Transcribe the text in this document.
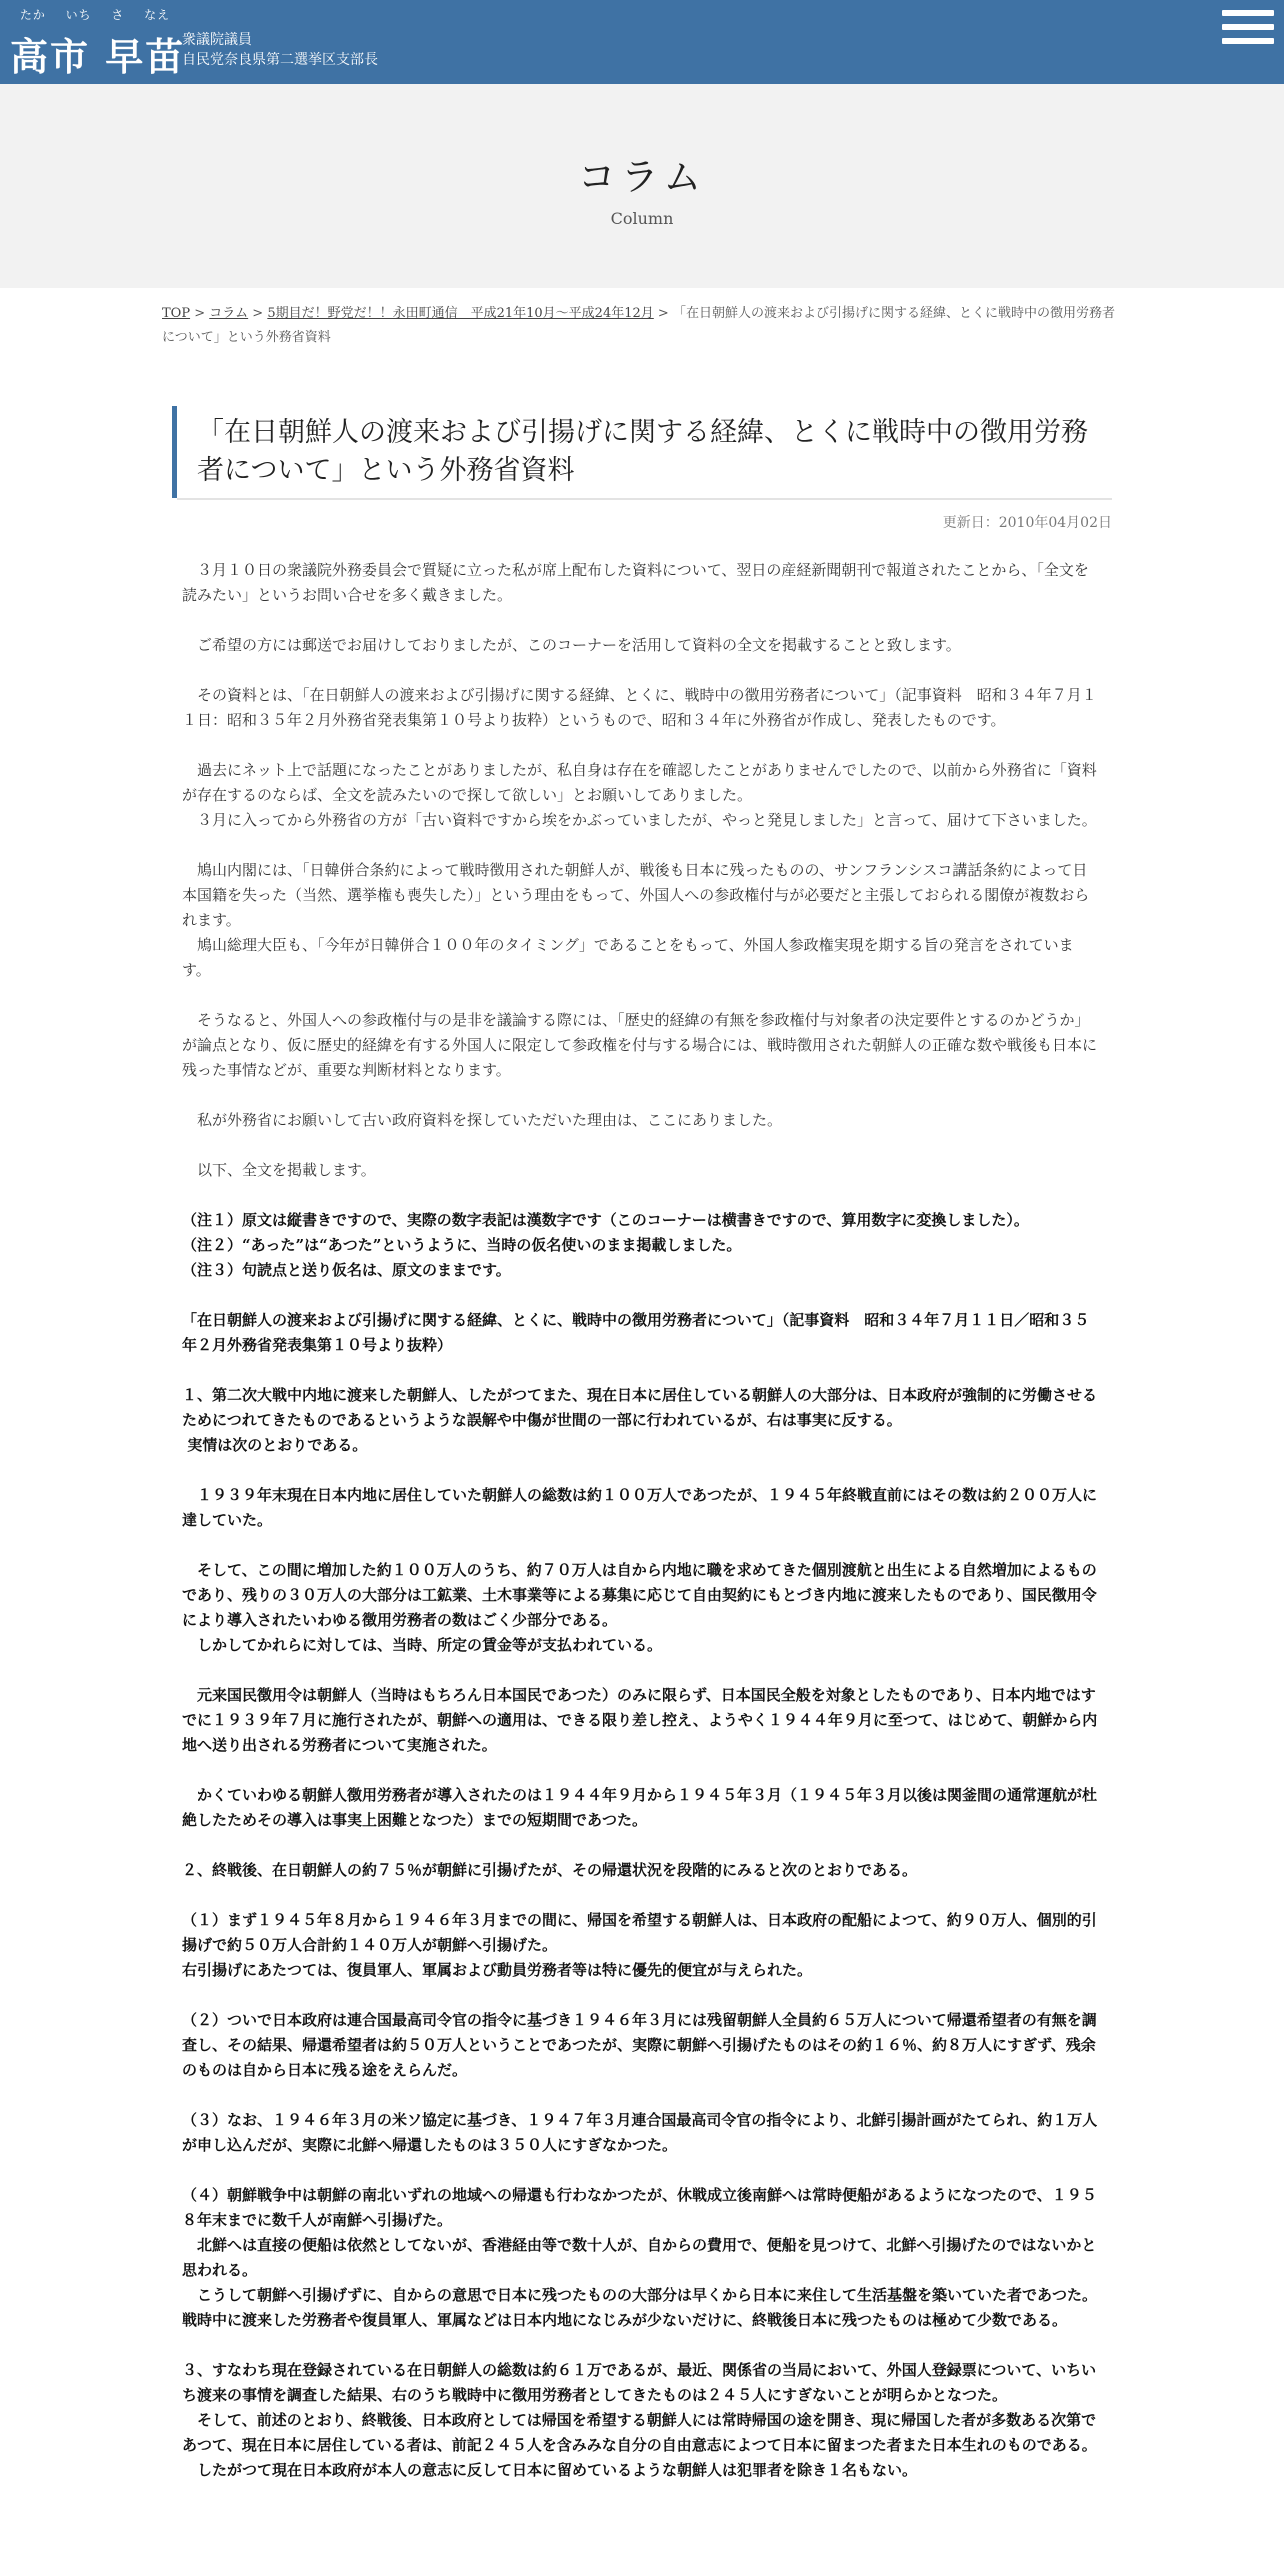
たか いち さ なえ
高市 早苗
衆議院議員
自民党奈良県第二選挙区支部長
コラム
Column
TOP > コラム > 5期目だ！野党だ！！永田町通信　平成21年10月～平成24年12月 > 「在日朝鮮人の渡来および引揚げに関する経緯、とくに戦時中の徴用労務者について」という外務省資料
「在日朝鮮人の渡来および引揚げに関する経緯、とくに戦時中の徴用労務者について」という外務省資料
更新日：2010年04月02日

　３月１０日の衆議院外務委員会で質疑に立った私が席上配布した資料について、翌日の産経新聞朝刊で報道されたことから、「全文を読みたい」というお問い合せを多く戴きました。

　ご希望の方には郵送でお届けしておりましたが、このコーナーを活用して資料の全文を掲載することと致します。

　その資料とは、「在日朝鮮人の渡来および引揚げに関する経緯、とくに、戦時中の徴用労務者について」（記事資料　昭和３４年７月１１日：昭和３５年２月外務省発表集第１０号より抜粋）というもので、昭和３４年に外務省が作成し、発表したものです。

　過去にネット上で話題になったことがありましたが、私自身は存在を確認したことがありませんでしたので、以前から外務省に「資料が存在するのならば、全文を読みたいので探して欲しい」とお願いしてありました。
　３月に入ってから外務省の方が「古い資料ですから埃をかぶっていましたが、やっと発見しました」と言って、届けて下さいました。

　鳩山内閣には、「日韓併合条約によって戦時徴用された朝鮮人が、戦後も日本に残ったものの、サンフランシスコ講話条約によって日本国籍を失った（当然、選挙権も喪失した）」という理由をもって、外国人への参政権付与が必要だと主張しておられる閣僚が複数おられます。
　鳩山総理大臣も、「今年が日韓併合１００年のタイミング」であることをもって、外国人参政権実現を期する旨の発言をされています。

　そうなると、外国人への参政権付与の是非を議論する際には、「歴史的経緯の有無を参政権付与対象者の決定要件とするのかどうか」が論点となり、仮に歴史的経緯を有する外国人に限定して参政権を付与する場合には、戦時徴用された朝鮮人の正確な数や戦後も日本に残った事情などが、重要な判断材料となります。

　私が外務省にお願いして古い政府資料を探していただいた理由は、ここにありました。

　以下、全文を掲載します。

（注１）原文は縦書きですので、実際の数字表記は漢数字です（このコーナーは横書きですので、算用数字に変換しました）。
（注２）“あった”は“あつた”というように、当時の仮名使いのまま掲載しました。
（注３）句読点と送り仮名は、原文のままです。

「在日朝鮮人の渡来および引揚げに関する経緯、とくに、戦時中の徴用労務者について」（記事資料　昭和３４年７月１１日／昭和３５年２月外務省発表集第１０号より抜粋）

１、第二次大戦中内地に渡来した朝鮮人、したがつてまた、現在日本に居住している朝鮮人の大部分は、日本政府が強制的に労働させるためにつれてきたものであるというような誤解や中傷が世間の一部に行われているが、右は事実に反する。
実情は次のとおりである。

　１９３９年末現在日本内地に居住していた朝鮮人の総数は約１００万人であつたが、１９４５年終戦直前にはその数は約２００万人に達していた。

　そして、この間に増加した約１００万人のうち、約７０万人は自から内地に職を求めてきた個別渡航と出生による自然増加によるものであり、残りの３０万人の大部分は工鉱業、土木事業等による募集に応じて自由契約にもとづき内地に渡来したものであり、国民徴用令により導入されたいわゆる徴用労務者の数はごく少部分である。
　しかしてかれらに対しては、当時、所定の賃金等が支払われている。

　元来国民徴用令は朝鮮人（当時はもちろん日本国民であつた）のみに限らず、日本国民全般を対象としたものであり、日本内地ではすでに１９３９年７月に施行されたが、朝鮮への適用は、できる限り差し控え、ようやく１９４４年９月に至つて、はじめて、朝鮮から内地へ送り出される労務者について実施された。

　かくていわゆる朝鮮人徴用労務者が導入されたのは１９４４年９月から１９４５年３月（１９４５年３月以後は関釜間の通常運航が杜絶したためその導入は事実上困難となつた）までの短期間であつた。

２、終戦後、在日朝鮮人の約７５％が朝鮮に引揚げたが、その帰還状況を段階的にみると次のとおりである。

（１）まず１９４５年８月から１９４６年３月までの間に、帰国を希望する朝鮮人は、日本政府の配船によつて、約９０万人、個別的引揚げで約５０万人合計約１４０万人が朝鮮へ引揚げた。
右引揚げにあたつては、復員軍人、軍属および動員労務者等は特に優先的便宜が与えられた。

（２）ついで日本政府は連合国最高司令官の指令に基づき１９４６年３月には残留朝鮮人全員約６５万人について帰還希望者の有無を調査し、その結果、帰還希望者は約５０万人ということであつたが、実際に朝鮮へ引揚げたものはその約１６％、約８万人にすぎず、残余のものは自から日本に残る途をえらんだ。

（３）なお、１９４６年３月の米ソ協定に基づき、１９４７年３月連合国最高司令官の指令により、北鮮引揚計画がたてられ、約１万人が申し込んだが、実際に北鮮へ帰還したものは３５０人にすぎなかつた。

（４）朝鮮戦争中は朝鮮の南北いずれの地域への帰還も行わなかつたが、休戦成立後南鮮へは常時便船があるようになつたので、１９５８年末までに数千人が南鮮へ引揚げた。
　北鮮へは直接の便船は依然としてないが、香港経由等で数十人が、自からの費用で、便船を見つけて、北鮮へ引揚げたのではないかと思われる。
　こうして朝鮮へ引揚げずに、自からの意思で日本に残つたものの大部分は早くから日本に来住して生活基盤を築いていた者であつた。戦時中に渡来した労務者や復員軍人、軍属などは日本内地になじみが少ないだけに、終戦後日本に残つたものは極めて少数である。

３、すなわち現在登録されている在日朝鮮人の総数は約６１万であるが、最近、関係省の当局において、外国人登録票について、いちいち渡来の事情を調査した結果、右のうち戦時中に徴用労務者としてきたものは２４５人にすぎないことが明らかとなつた。
　そして、前述のとおり、終戦後、日本政府としては帰国を希望する朝鮮人には常時帰国の途を開き、現に帰国した者が多数ある次第であつて、現在日本に居住している者は、前記２４５人を含みみな自分の自由意志によつて日本に留まつた者また日本生れのものである。
　したがつて現在日本政府が本人の意志に反して日本に留めているような朝鮮人は犯罪者を除き１名もない。
